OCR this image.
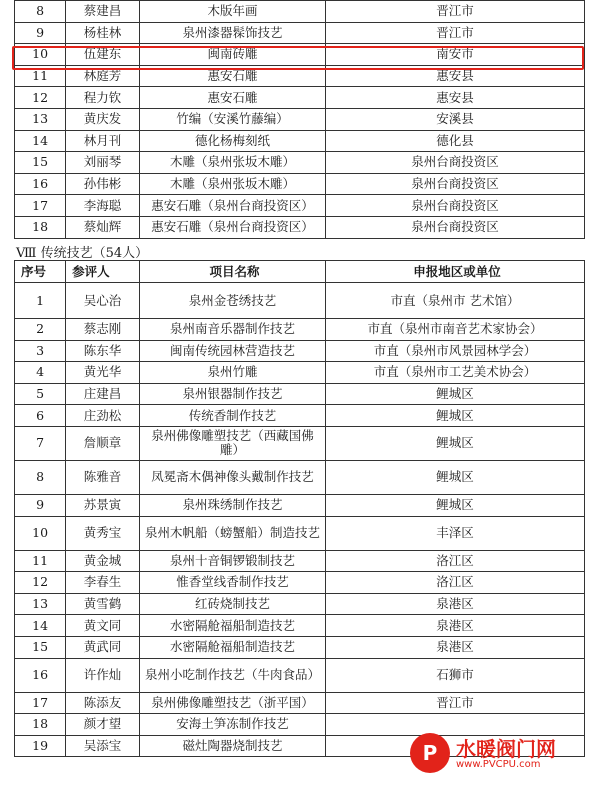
8	蔡建昌	木版年画	晋江市
9	杨桂林	泉州漆器髹饰技艺	晋江市
10	伍建东	闽南砖雕	南安市
11	林庭芳	惠安石雕	惠安县
12	程力钦	惠安石雕	惠安县
13	黄庆发	竹编（安溪竹藤编）	安溪县
14	林月刊	德化杨梅刻纸	德化县
15	刘丽琴	木雕（泉州张坂木雕）	泉州台商投资区
16	孙伟彬	木雕（泉州张坂木雕）	泉州台商投资区
17	李海聪	惠安石雕（泉州台商投资区）	泉州台商投资区
18	蔡灿辉	惠安石雕（泉州台商投资区）	泉州台商投资区
Ⅷ 传统技艺（54人）
序号	参评人	项目名称	申报地区或单位
1	吴心治	泉州金苍绣技艺	市直（泉州市 艺术馆）
2	蔡志刚	泉州南音乐器制作技艺	市直（泉州市南音艺术家协会）
3	陈东华	闽南传统园林营造技艺	市直（泉州市风景园林学会）
4	黄光华	泉州竹雕	市直（泉州市工艺美术协会）
5	庄建昌	泉州银器制作技艺	鲤城区
6	庄劲松	传统香制作技艺	鲤城区
7	詹顺章	泉州佛像雕塑技艺（西藏国佛雕）	鲤城区
8	陈雅音	凤冕斋木偶神像头戴制作技艺	鲤城区
9	苏景寅	泉州珠绣制作技艺	鲤城区
10	黄秀宝	泉州木帆船（螃蟹船）制造技艺	丰泽区
11	黄金城	泉州十音铜锣锻制技艺	洛江区
12	李春生	惟香堂线香制作技艺	洛江区
13	黄雪鹤	红砖烧制技艺	泉港区
14	黄文同	水密隔舱福船制造技艺	泉港区
15	黄武同	水密隔舱福船制造技艺	泉港区
16	许作灿	泉州小吃制作技艺（牛肉食品）	石狮市
17	陈添友	泉州佛像雕塑技艺（浙平国）	晋江市
18	颜才望	安海土笋冻制作技艺	
19	吴添宝	磁灶陶器烧制技艺		P 水暖阀门网
www.PVCPU.com
